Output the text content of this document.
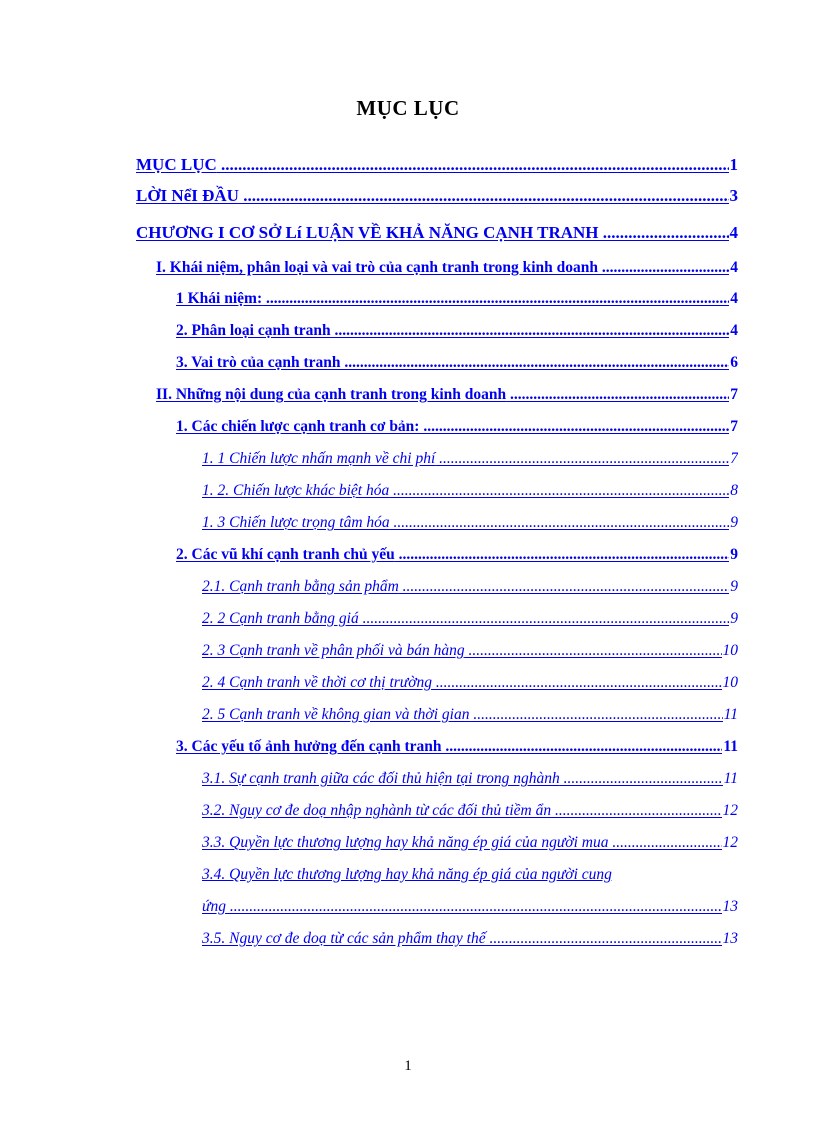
MỤC LỤC
MỤC LỤC .....	1
LỜI NểI ĐẦU .....	3
CHƯƠNG I CƠ SỞ Lí LUẬN VỀ KHẢ NĂNG CẠNH TRANH .....	4
I. Khái niệm, phân loại và vai trò của cạnh tranh trong kinh doanh .....	4
1 Khái niệm: .....	4
2. Phân loại cạnh tranh .....	4
3. Vai trò của cạnh tranh .....	6
II. Những nội dung của cạnh tranh trong kinh doanh .....	7
1. Các chiến lược cạnh tranh cơ bản: .....	7
1. 1 Chiến lược nhấn mạnh về chi phí .....	7
1. 2. Chiến lược khác biệt hóa .....	8
1. 3 Chiến lược trọng tâm hóa .....	9
2. Các vũ khí cạnh tranh chủ yếu .....	9
2.1. Cạnh tranh bằng sản phẩm .....	9
2. 2 Cạnh tranh bằng giá .....	9
2. 3 Cạnh tranh về phân phối và bán hàng .....	10
2. 4 Cạnh tranh về thời cơ thị trường .....	10
2. 5 Cạnh tranh về không gian và thời gian .....	11
3. Các yếu tố ảnh hưởng đến cạnh tranh .....	11
3.1. Sự cạnh tranh giữa các đối thủ hiện tại trong nghành .....	11
3.2. Nguy cơ đe doạ nhập nghành từ các đối thủ tiềm ẩn .....	12
3.3. Quyền lực thương lượng hay khả năng ép giá của người mua .....	12
3.4. Quyền lực thương lượng hay khả năng ép giá của người cung
ứng .....	13
3.5. Nguy cơ đe doạ từ các sản phẩm thay thế .....	13
1
